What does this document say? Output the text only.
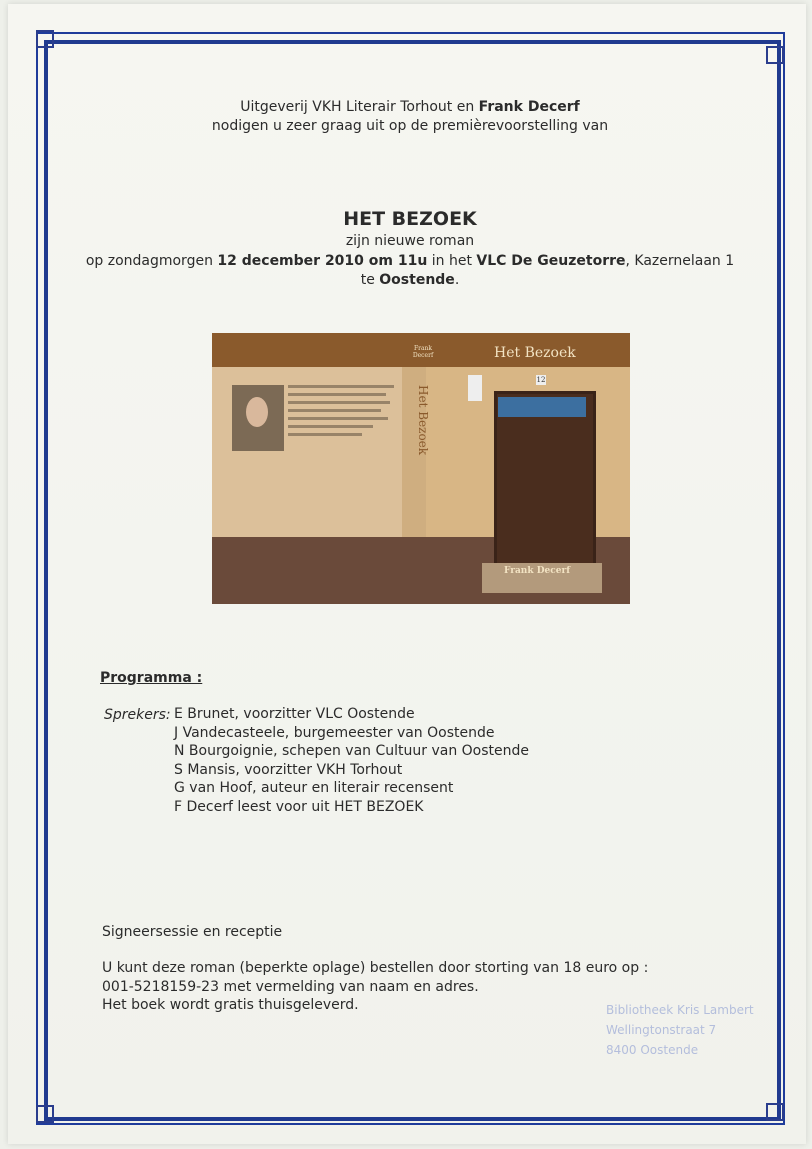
Uitgeverij VKH Literair Torhout en Frank Decerf
nodigen u zeer graag uit op de premièrevoorstelling van
HET BEZOEK
zijn nieuwe roman
op zondagmorgen 12 december 2010 om 11u in het VLC De Geuzetorre, Kazernelaan 1
te Oostende.
12
Het Bezoek
Frank Decerf
Het Bezoek
Frank Decerf
Programma :
Sprekers: E Brunet, voorzitter VLC Oostende
J Vandecasteele, burgemeester van Oostende
N Bourgoignie, schepen van Cultuur van Oostende
S Mansis, voorzitter VKH Torhout
G van Hoof, auteur en literair recensent
F Decerf leest voor uit HET BEZOEK
Signeersessie en receptie
U kunt deze roman (beperkte oplage) bestellen door storting van 18 euro op :
001-5218159-23 met vermelding van naam en adres.
Het boek wordt gratis thuisgeleverd.	Bibliotheek Kris Lambert
Wellingtonstraat 7
8400 Oostende
